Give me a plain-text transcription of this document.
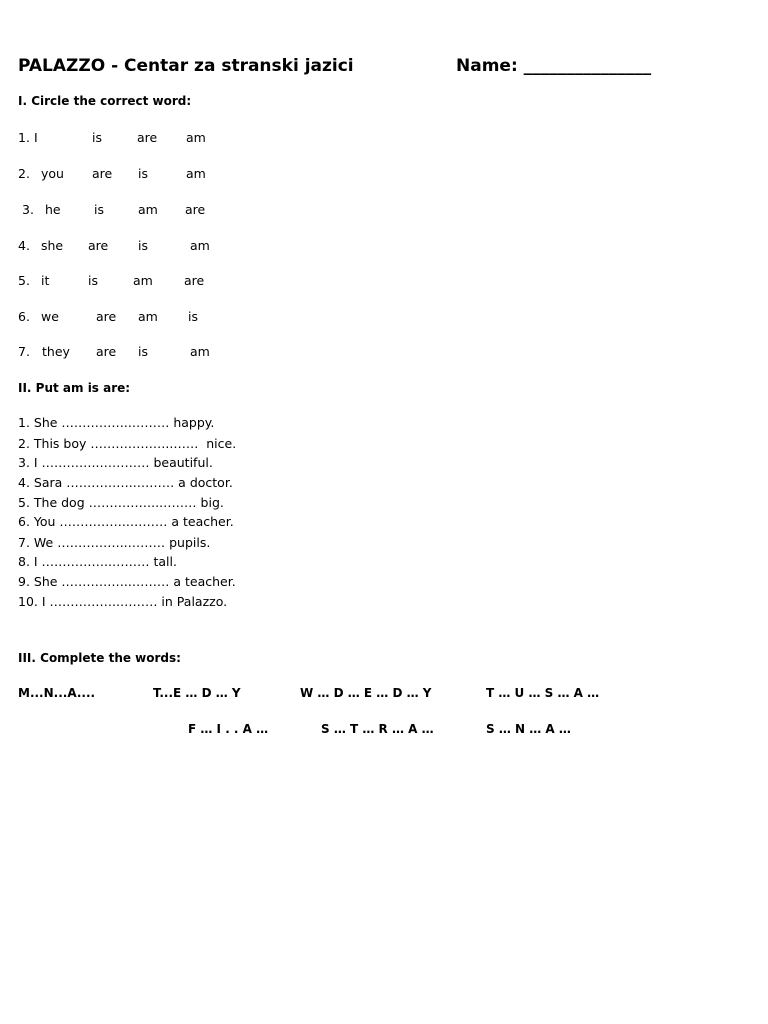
PALAZZO - Centar za stranski jazici	Name: _______________
I. Circle the correct word:
1. I	is	are am
2. you are is	am
3. he	is	am are
4. she are is	am
5. it	is	am are
6. we	are am is
7. they are is	am
II. Put am is are:
1. She ……………..……… happy.
2. This boy ………………..……  nice.
3. I …………..………… beautiful.
4. Sara ……………..……… a doctor.
5. The dog ……………..……… big.
6. You ……………..……… a teacher.
7. We ……………..……… pupils.
8. I ……………..……… tall.
9. She ……………..……… a teacher.
10. I ……………..……… in Palazzo.
III. Complete the words:
M...N...A....	T...E … D … Y	W … D … E … D … Y	T … U … S … A …
F … I . . A …	S … T … R … A …	S … N … A …
